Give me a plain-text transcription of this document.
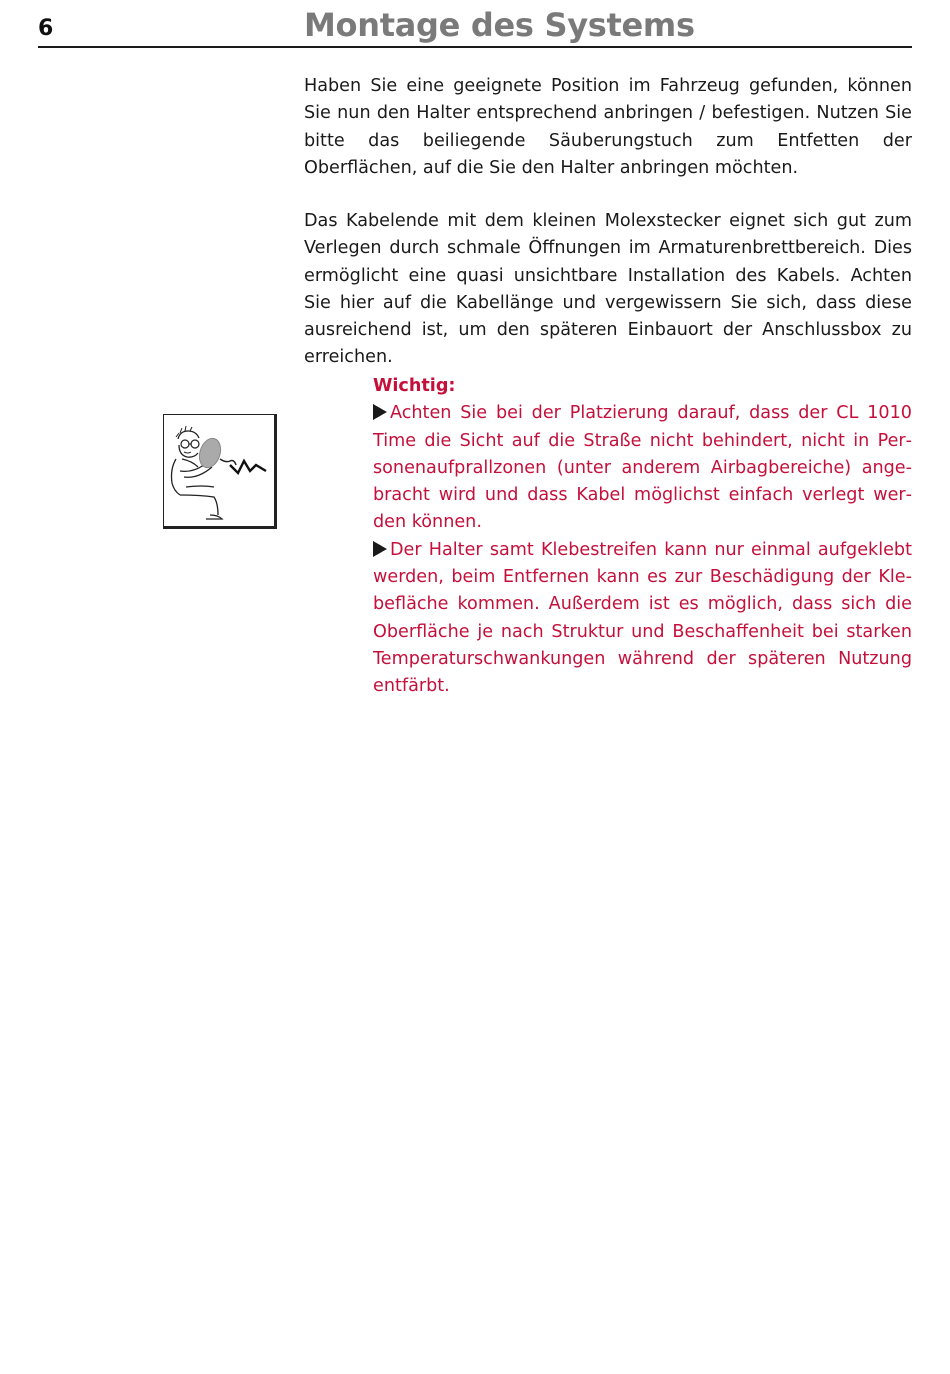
6	Montage des Systems

Haben Sie eine geeignete Position im Fahrzeug gefunden, können Sie nun den Halter entsprechend anbringen / befestigen. Nutzen Sie bitte das beiliegende Säuberungstuch zum Entfetten der Oberflächen, auf die Sie den Halter anbringen möchten.

Das Kabelende mit dem kleinen Molexstecker eignet sich gut zum Verlegen durch schmale Öffnungen im Armaturenbrettbereich. Dies ermöglicht eine quasi unsichtbare Installation des Kabels. Achten Sie hier auf die Kabellänge und vergewissern Sie sich, dass diese ausreichend ist, um den späteren Einbauort der Anschlussbox zu erreichen.

Wichtig:

Achten Sie bei der Platzierung darauf, dass der CL 1010 Time die Sicht auf die Straße nicht behindert, nicht in Personenaufprallzonen (unter anderem Airbagbereiche) angebracht wird und dass Kabel möglichst einfach verlegt werden können.

Der Halter samt Klebestreifen kann nur einmal aufgeklebt werden, beim Entfernen kann es zur Beschädigung der Klebefläche kommen. Außerdem ist es möglich, dass sich die Oberfläche je nach Struktur und Beschaffenheit bei starken Temperaturschwankungen während der späteren Nutzung entfärbt.
